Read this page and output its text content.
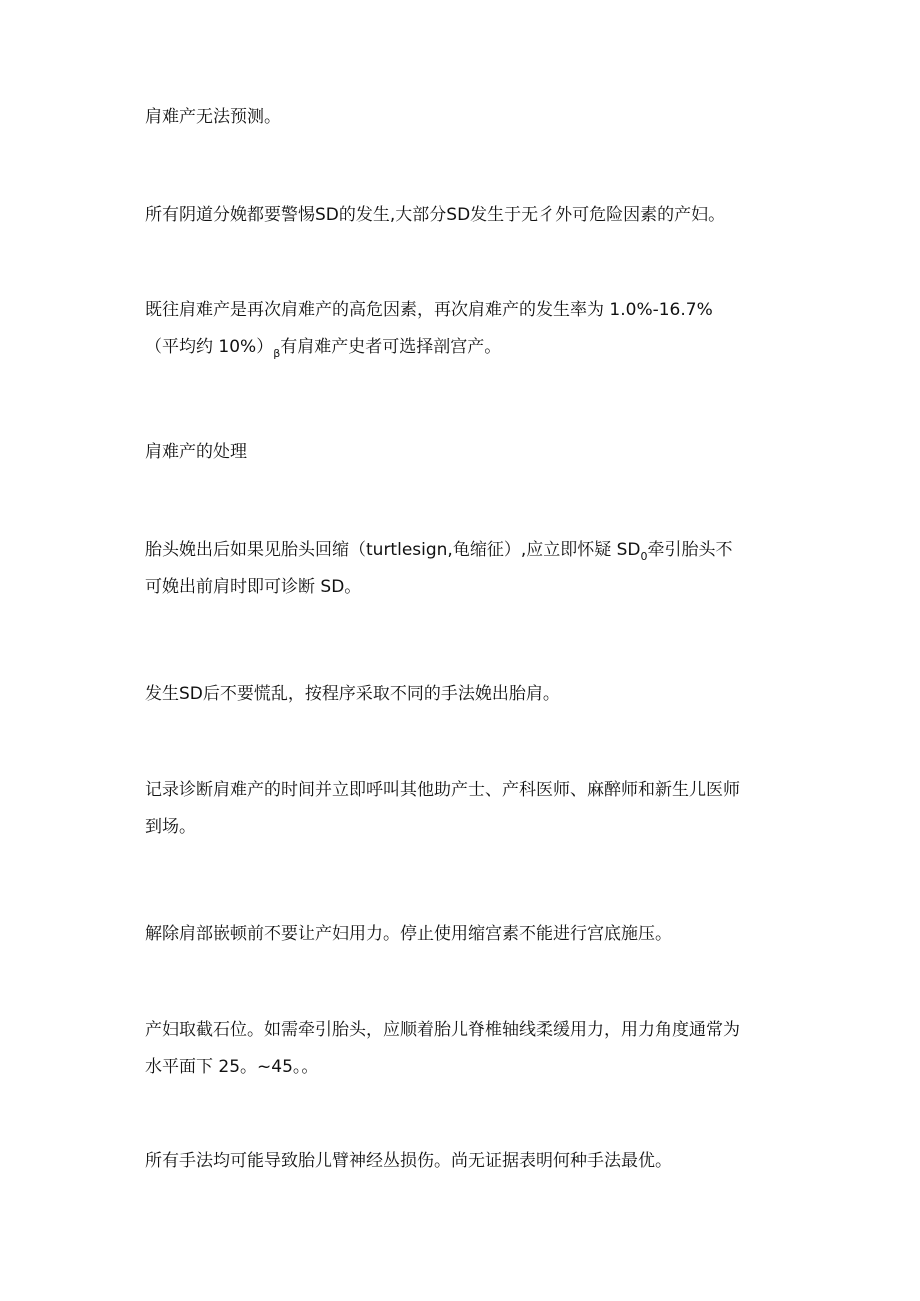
肩难产无法预测。

所有阴道分娩都要警惕SD的发生,大部分SD发生于无彳外可危险因素的产妇。

既往肩难产是再次肩难产的高危因素，再次肩难产的发生率为 1.0%-16.7%
（平均约 $10\%)_\beta$有肩难产史者可选择剖宫产。

肩难产的处理

胎头娩出后如果见胎头回缩（turtlesign,龟缩征）,应立即怀疑 $SD_0$牵引胎头不
可娩出前肩时即可诊断 SD。

发生SD后不要慌乱，按程序采取不同的手法娩出胎肩。

记录诊断肩难产的时间并立即呼叫其他助产士、产科医师、麻醉师和新生儿医师
到场。

解除肩部嵌顿前不要让产妇用力。停止使用缩宫素不能进行宫底施压。

产妇取截石位。如需牵引胎头，应顺着胎儿脊椎轴线柔缓用力，用力角度通常为
水平面下 25。~45。。

所有手法均可能导致胎儿臂神经丛损伤。尚无证据表明何种手法最优。
